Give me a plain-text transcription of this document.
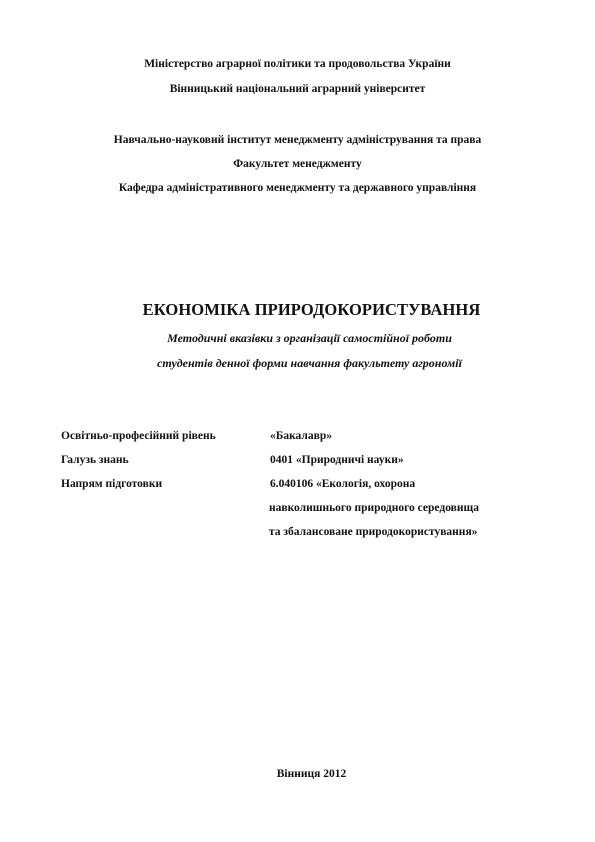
Міністерство аграрної політики та продовольства України
Вінницький національний аграрний університет
Навчально-науковий інститут менеджменту адміністрування та права
Факультет менеджменту
Кафедра адміністративного менеджменту та державного управління
ЕКОНОМІКА ПРИРОДОКОРИСТУВАННЯ
Методичні вказівки з організації самостійної роботи
студентів денної форми навчання факультету агрономії
Освітньо-професійний рівень	«Бакалавр»
Галузь знань	0401 «Природничі науки»
Напрям підготовки	6.040106 «Екологія, охорона
навколишнього природного середовища
та збалансоване природокористування»
Вінниця 2012
